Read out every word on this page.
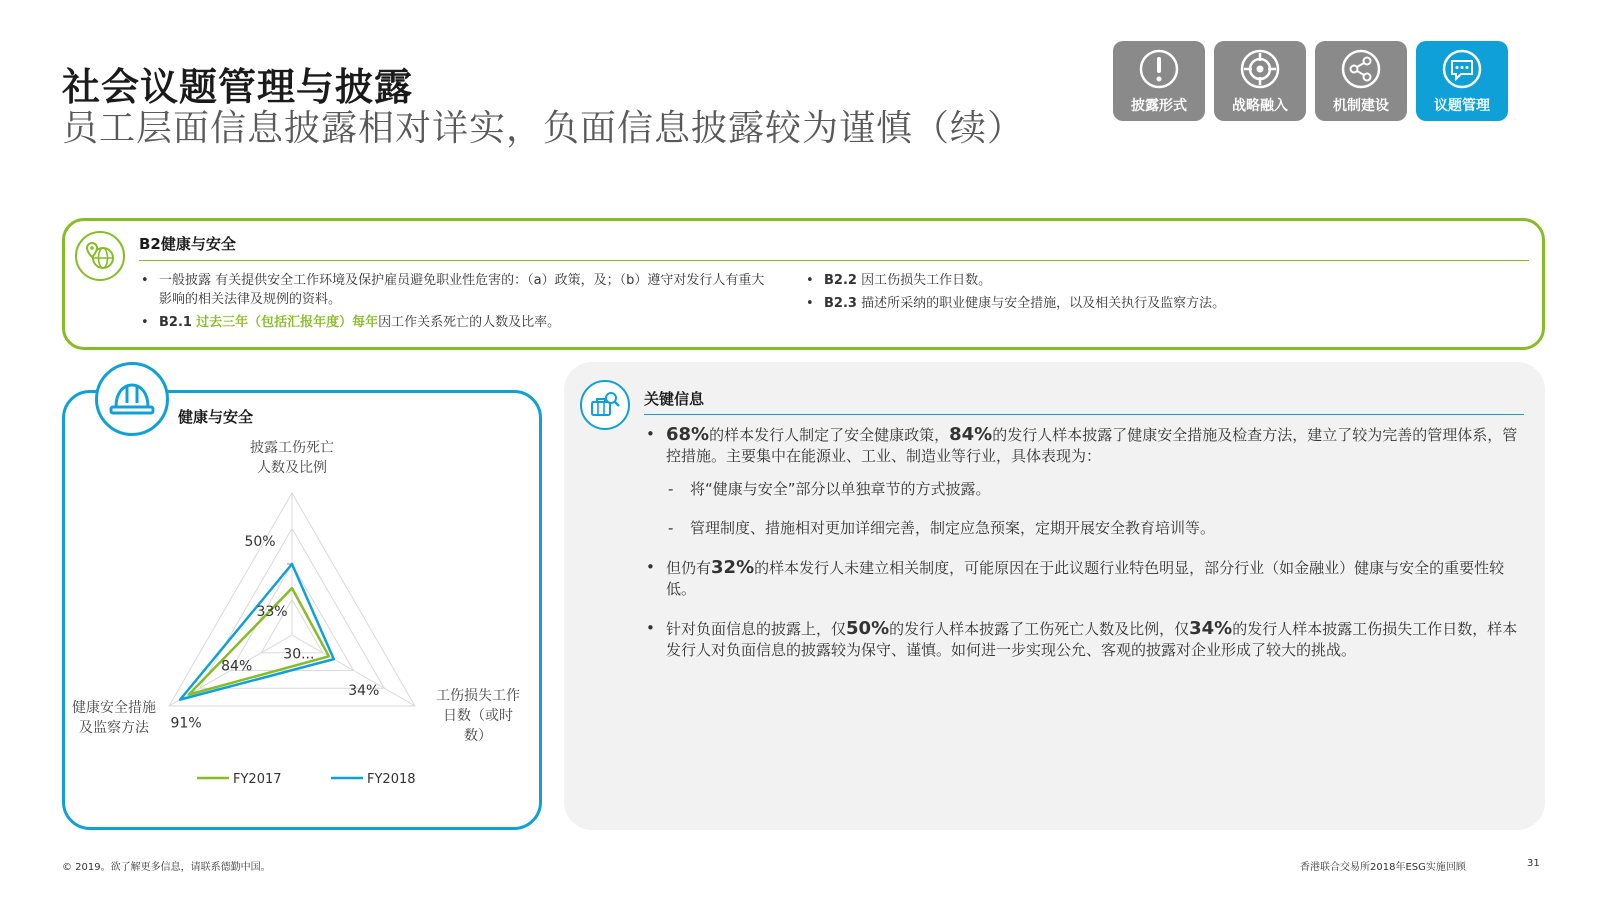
社会议题管理与披露
员工层面信息披露相对详实，负面信息披露较为谨慎（续）
披露形式	战略融入	机制建设	议题管理
B2健康与安全
• 一般披露 有关提供安全工作环境及保护雇员避免职业性危害的：（a）政策，及；（b）遵守对发行人有重大影响的相关法律及规例的资料。
• B2.1 过去三年（包括汇报年度）每年因工作关系死亡的人数及比率。
• B2.2 因工伤损失工作日数。
• B2.3 描述所采纳的职业健康与安全措施，以及相关执行及监察方法。
健康与安全
50%
33%
30...
34%
84%
91%
披露工伤死亡
人数及比例
工伤损失工作
日数（或时
数）
健康安全措施
及监察方法
FY2017	FY2018
关键信息
• 68%的样本发行人制定了安全健康政策，84%的发行人样本披露了健康安全措施及检查方法，建立了较为完善的管理体系，管控措施。主要集中在能源业、工业、制造业等行业，具体表现为：
- 将“健康与安全”部分以单独章节的方式披露。
- 管理制度、措施相对更加详细完善，制定应急预案，定期开展安全教育培训等。
• 但仍有32%的样本发行人未建立相关制度，可能原因在于此议题行业特色明显，部分行业（如金融业）健康与安全的重要性较低。
• 针对负面信息的披露上，仅50%的发行人样本披露了工伤死亡人数及比例，仅34%的发行人样本披露工伤损失工作日数，样本发行人对负面信息的披露较为保守、谨慎。如何进一步实现公允、客观的披露对企业形成了较大的挑战。
© 2019。欲了解更多信息，请联系德勤中国。	香港联合交易所2018年ESG实施回顾	31
